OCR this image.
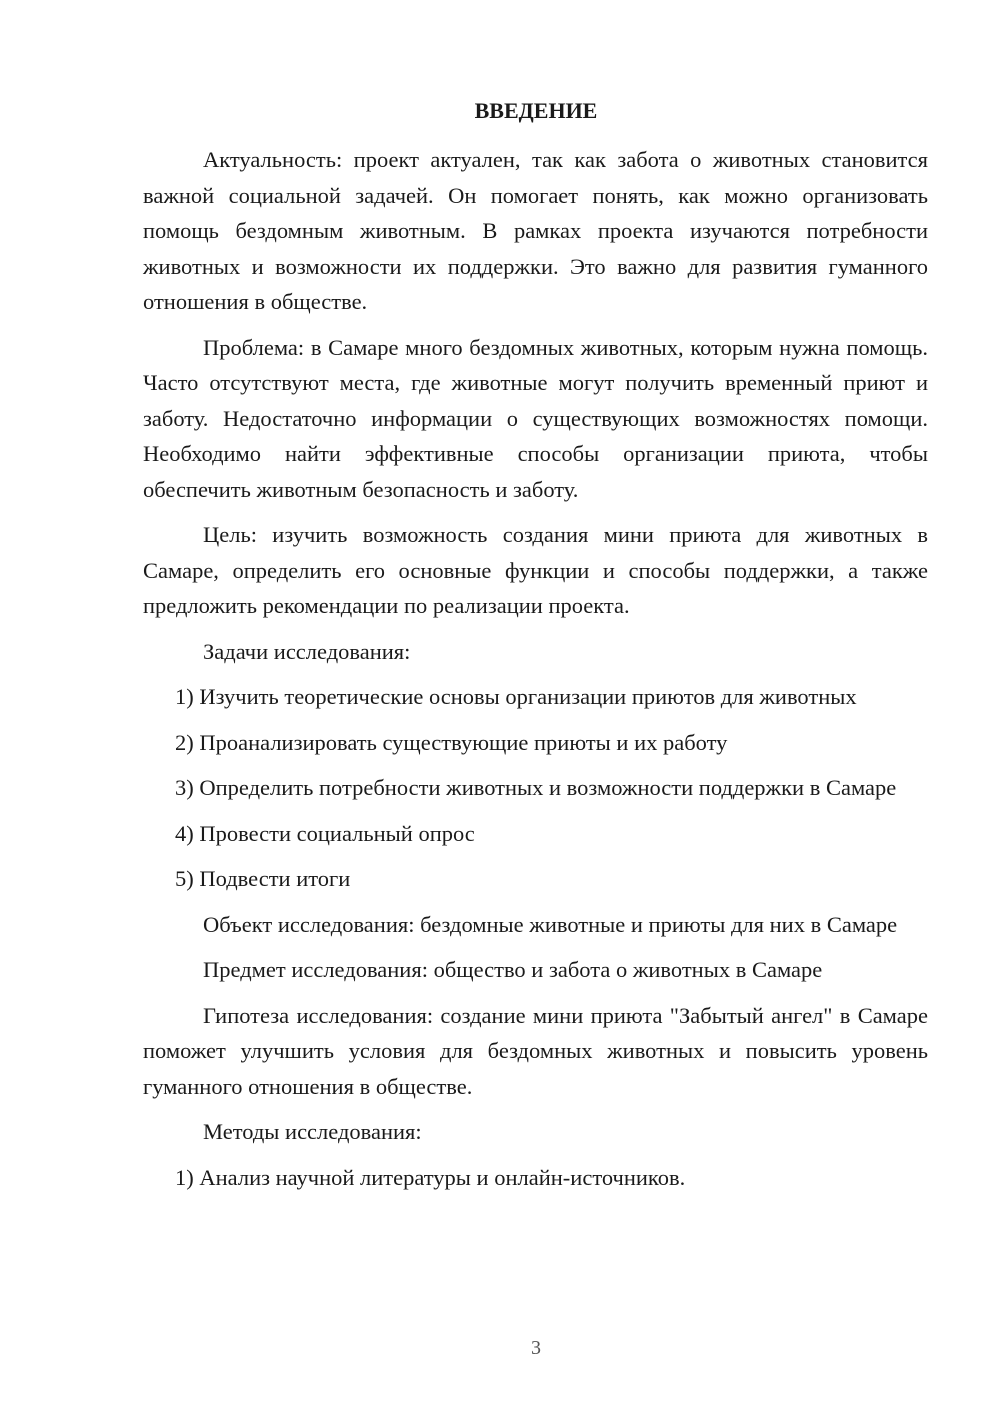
ВВЕДЕНИЕ

Актуальность: проект актуален, так как забота о животных становится важной социальной задачей. Он помогает понять, как можно организовать помощь бездомным животным. В рамках проекта изучаются потребности животных и возможности их поддержки. Это важно для развития гуманного отношения в обществе.

Проблема: в Самаре много бездомных животных, которым нужна помощь. Часто отсутствуют места, где животные могут получить временный приют и заботу. Недостаточно информации о существующих возможностях помощи. Необходимо найти эффективные способы организации приюта, чтобы обеспечить животным безопасность и заботу.

Цель: изучить возможность создания мини приюта для животных в Самаре, определить его основные функции и способы поддержки, а также предложить рекомендации по реализации проекта.

Задачи исследования:

1) Изучить теоретические основы организации приютов для животных

2) Проанализировать существующие приюты и их работу

3) Определить потребности животных и возможности поддержки в Самаре

4) Провести социальный опрос

5) Подвести итоги

Объект исследования: бездомные животные и приюты для них в Самаре

Предмет исследования: общество и забота о животных в Самаре

Гипотеза исследования: создание мини приюта "Забытый ангел" в Самаре поможет улучшить условия для бездомных животных и повысить уровень гуманного отношения в обществе.

Методы исследования:

1) Анализ научной литературы и онлайн-источников.

3
